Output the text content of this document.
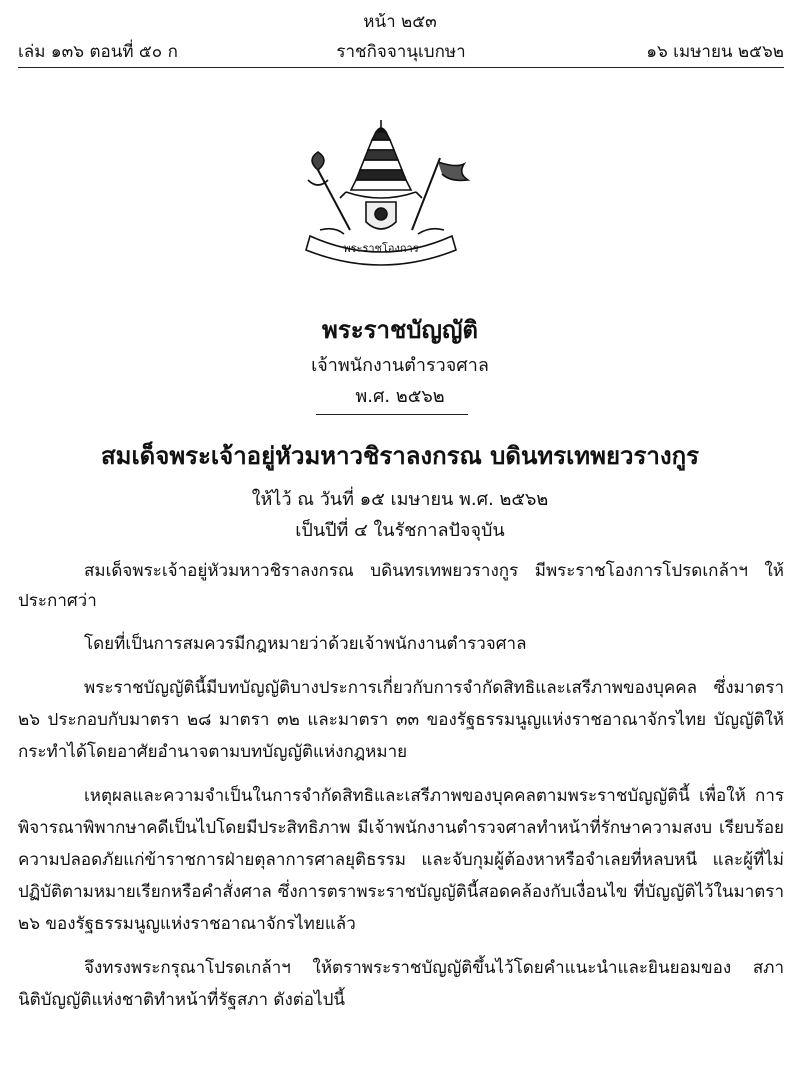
หน้า ๒๕๓
เล่ม ๑๓๖ ตอนที่ ๕๐ ก	ราชกิจจานุเบกษา	๑๖ เมษายน ๒๕๖๒
พระราชโองการ
พระราชบัญญัติ
เจ้าพนักงานตำรวจศาล
พ.ศ. ๒๕๖๒
สมเด็จพระเจ้าอยู่หัวมหาวชิราลงกรณ บดินทรเทพยวรางกูร
ให้ไว้ ณ วันที่ ๑๕ เมษายน พ.ศ. ๒๕๖๒
เป็นปีที่ ๔ ในรัชกาลปัจจุบัน

สมเด็จพระเจ้าอยู่หัวมหาวชิราลงกรณ บดินทรเทพยวรางกูร มีพระราชโองการโปรดเกล้าฯ ให้ประกาศว่า

โดยที่เป็นการสมควรมีกฎหมายว่าด้วยเจ้าพนักงานตำรวจศาล

พระราชบัญญัตินี้มีบทบัญญัติบางประการเกี่ยวกับการจำกัดสิทธิและเสรีภาพของบุคคล ซึ่งมาตรา ๒๖ ประกอบกับมาตรา ๒๘ มาตรา ๓๒ และมาตรา ๓๓ ของรัฐธรรมนูญแห่งราชอาณาจักรไทย บัญญัติให้กระทำได้โดยอาศัยอำนาจตามบทบัญญัติแห่งกฎหมาย

เหตุผลและความจำเป็นในการจำกัดสิทธิและเสรีภาพของบุคคลตามพระราชบัญญัตินี้ เพื่อให้ การพิจารณาพิพากษาคดีเป็นไปโดยมีประสิทธิภาพ มีเจ้าพนักงานตำรวจศาลทำหน้าที่รักษาความสงบ เรียบร้อย ความปลอดภัยแก่ข้าราชการฝ่ายตุลาการศาลยุติธรรม และจับกุมผู้ต้องหาหรือจำเลยที่หลบหนี และผู้ที่ไม่ปฏิบัติตามหมายเรียกหรือคำสั่งศาล ซึ่งการตราพระราชบัญญัตินี้สอดคล้องกับเงื่อนไข ที่บัญญัติไว้ในมาตรา ๒๖ ของรัฐธรรมนูญแห่งราชอาณาจักรไทยแล้ว

จึงทรงพระกรุณาโปรดเกล้าฯ ให้ตราพระราชบัญญัติขึ้นไว้โดยคำแนะนำและยินยอมของ สภานิติบัญญัติแห่งชาติทำหน้าที่รัฐสภา ดังต่อไปนี้
